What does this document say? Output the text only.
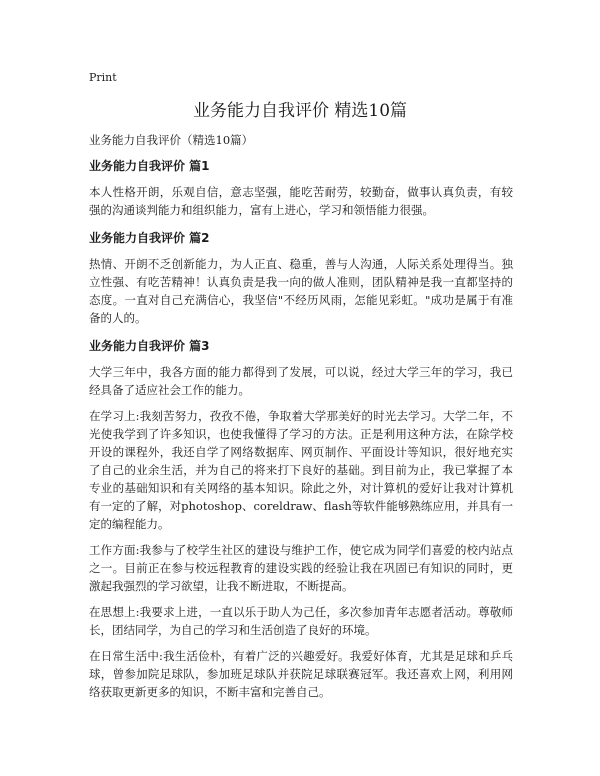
Print
业务能力自我评价 精选10篇

业务能力自我评价（精选10篇）

业务能力自我评价 篇1

本人性格开朗，乐观自信，意志坚强，能吃苦耐劳，较勤奋，做事认真负责，有较强的沟通谈判能力和组织能力，富有上进心，学习和领悟能力很强。

业务能力自我评价 篇2

热情、开朗不乏创新能力，为人正直、稳重，善与人沟通，人际关系处理得当。独立性强、有吃苦精神！认真负责是我一向的做人准则，团队精神是我一直都坚持的态度。一直对自己充满信心，我坚信"不经历风雨，怎能见彩虹。"成功是属于有准备的人的。

业务能力自我评价 篇3

大学三年中，我各方面的能力都得到了发展，可以说，经过大学三年的学习，我已经具备了适应社会工作的能力。

在学习上:我刻苦努力，孜孜不倦，争取着大学那美好的时光去学习。大学二年，不光使我学到了许多知识，也使我懂得了学习的方法。正是利用这种方法，在除学校开设的课程外，我还自学了网络数据库、网页制作、平面设计等知识，很好地充实了自己的业余生活，并为自己的将来打下良好的基础。到目前为止，我已掌握了本专业的基础知识和有关网络的基本知识。除此之外，对计算机的爱好让我对计算机有一定的了解，对photoshop、coreldraw、flash等软件能够熟练应用，并具有一定的编程能力。

工作方面:我参与了校学生社区的建设与维护工作，使它成为同学们喜爱的校内站点之一。目前正在参与校远程教育的建设实践的经验让我在巩固已有知识的同时，更激起我强烈的学习欲望，让我不断进取，不断提高。

在思想上:我要求上进，一直以乐于助人为己任，多次参加青年志愿者活动。尊敬师长，团结同学，为自己的学习和生活创造了良好的环境。

在日常生活中:我生活俭朴，有着广泛的兴趣爱好。我爱好体育，尤其是足球和乒乓球，曾参加院足球队，参加班足球队并获院足球联赛冠军。我还喜欢上网，利用网络获取更新更多的知识，不断丰富和完善自己。
